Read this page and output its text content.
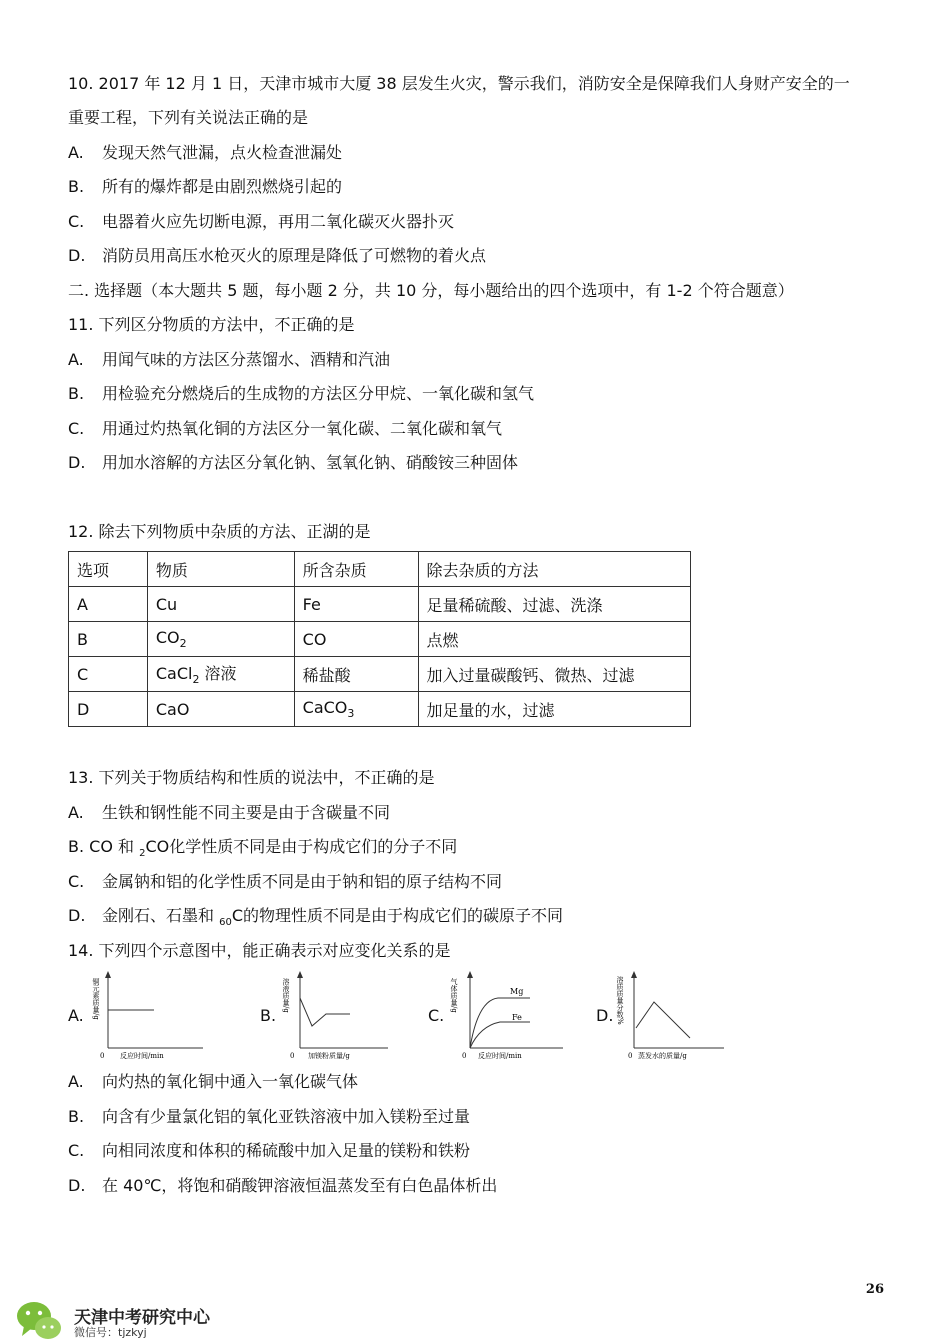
10. 2017 年 12 月 1 日，天津市城市大厦 38 层发生火灾，警示我们，消防安全是保障我们人身财产安全的一
重要工程，下列有关说法正确的是
A. 发现天然气泄漏，点火检查泄漏处
B. 所有的爆炸都是由剧烈燃烧引起的
C. 电器着火应先切断电源，再用二氧化碳灭火器扑灭
D. 消防员用高压水枪灭火的原理是降低了可燃物的着火点
二. 选择题（本大题共 5 题，每小题 2 分，共 10 分，每小题给出的四个选项中，有 1-2 个符合题意）
11. 下列区分物质的方法中，不正确的是
A. 用闻气味的方法区分蒸馏水、酒精和汽油
B. 用检验充分燃烧后的生成物的方法区分甲烷、一氧化碳和氢气
C. 用通过灼热氧化铜的方法区分一氧化碳、二氧化碳和氧气
D. 用加水溶解的方法区分氧化钠、氢氧化钠、硝酸铵三种固体
12. 除去下列物质中杂质的方法、正湖的是
选项	物质	所含杂质	除去杂质的方法
A	Cu	Fe	足量稀硫酸、过滤、洗涤
B	$CO_2$	CO	点燃
C	CaCl$_2$ 溶液	稀盐酸	加入过量碳酸钙、微热、过滤
D	CaO	CaCO$_3$	加足量的水，过滤
13. 下列关于物质结构和性质的说法中，不正确的是
A. 生铁和钢性能不同主要是由于含碳量不同
B. CO 和 $_2$CO化学性质不同是由于构成它们的分子不同
C. 金属钠和铝的化学性质不同是由于钠和铝的原子结构不同
D. 金刚石、石墨和 $_{60}$C的物理性质不同是由于构成它们的碳原子不同
14. 下列四个示意图中，能正确表示对应变化关系的是
A. 铜元素质量/g
0 反应时间/min
B.
溶液质量/g
0 加镁粉质量/g
C.
Mg
Fe
气体质量/g
0 反应时间/min
D. 溶质质量分数%
0 蒸发水的质量/g
A. 向灼热的氧化铜中通入一氧化碳气体
B. 向含有少量氯化铝的氧化亚铁溶液中加入镁粉至过量
C. 向相同浓度和体积的稀硫酸中加入足量的镁粉和铁粉
D. 在 40℃，将饱和硝酸钾溶液恒温蒸发至有白色晶体析出
26
天津中考研究中心
微信号：tjzkyj
